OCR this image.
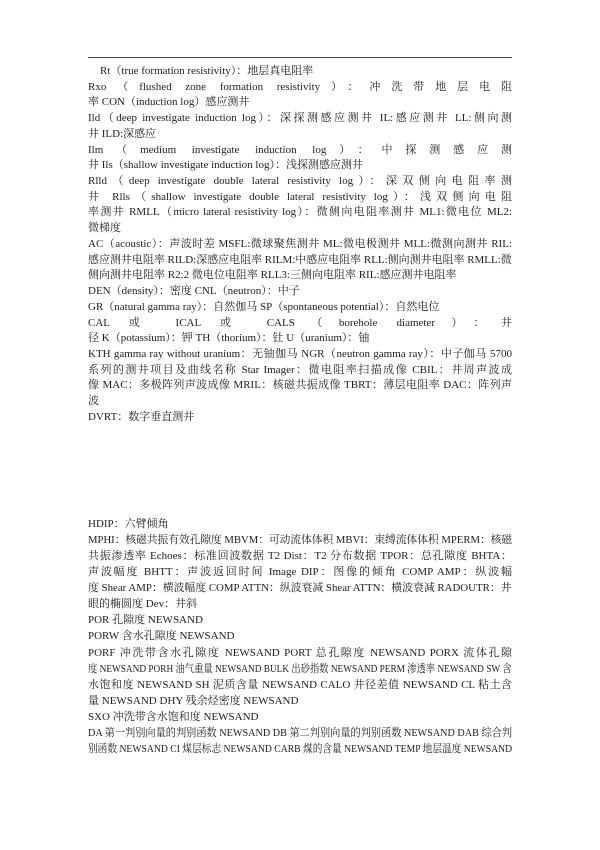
Rt（true formation resistivity）：地层真电阻率
Rxo（flushed zone formation resistivity）：冲洗带地层电阻
率 CON（induction log）感应测井
Ild（deep investigate induction log）：深探测感应测井 IL:感应测井 LL:侧向测
井 ILD:深感应
Ilm（medium investigate induction log）：中探测感应测
井 Ils（shallow investigate induction log）：浅探测感应测井
Rlld（deep investigate double lateral resistivity log）：深双侧向电阻率测
井 Rlls（shallow investigate double lateral resistivity log）：浅双侧向电阻
率测井 RMLL（micro lateral resistivity log）：微侧向电阻率测井 ML1:微电位 ML2:
微梯度
AC（acoustic）：声波时差 MSFL:微球聚焦测井 ML:微电极测井 MLL:微测向测井 RIL:
感应测井电阻率 RILD:深感应电阻率 RILM:中感应电阻率 RLL:侧向测井电阻率 RMLL:微
侧向测井电阻率 R2:2 微电位电阻率 RLL3:三侧向电阻率 RIL:感应测井电阻率
DEN（density）：密度 CNL（neutron）：中子
GR（natural gamma ray）：自然伽马 SP（spontaneous potential）：自然电位
CAL 或 ICAL 或 CALS（borehole diameter）：井
径 K（potassium）：钾 TH（thorium）：钍 U（uranium）：铀
KTH gamma ray without uranium：无铀伽马 NGR（neutron gamma ray）：中子伽马 5700
系列的测井项目及曲线名称 Star Imager：微电阻率扫描成像 CBIL：井周声波成
像 MAC：多极阵列声波成像 MRIL：核磁共振成像 TBRT：薄层电阻率 DAC：阵列声
波
DVRT：数字垂直测井
HDIP：六臂倾角
MPHI：核磁共振有效孔隙度 MBVM：可动流体体积 MBVI：束缚流体体积 MPERM：核磁
共振渗透率 Echoes：标准回波数据 T2 Dist：T2 分布数据 TPOR：总孔隙度 BHTA：
声波幅度 BHTT：声波返回时间 Image DIP：图像的倾角 COMP AMP：纵波幅
度 Shear AMP：横波幅度 COMP ATTN：纵波衰减 Shear ATTN：横波衰减 RADOUTR：井
眼的椭圆度 Dev：井斜
POR 孔隙度 NEWSAND
PORW 含水孔隙度 NEWSAND
PORF 冲洗带含水孔隙度 NEWSAND PORT 总孔隙度 NEWSAND PORX 流体孔隙
度 NEWSAND PORH 油气重量 NEWSAND BULK 出砂指数 NEWSAND PERM 渗透率 NEWSAND SW 含
水饱和度 NEWSAND SH 泥质含量 NEWSAND CALO 井径差值 NEWSAND CL 粘土含
量 NEWSAND DHY 残余烃密度 NEWSAND
SXO 冲洗带含水饱和度 NEWSAND
DA 第一判别向量的判别函数 NEWSAND DB 第二判别向量的判别函数 NEWSAND DAB 综合判
别函数 NEWSAND CI 煤层标志 NEWSAND CARB 煤的含量 NEWSAND TEMP 地层温度 NEWSAND
